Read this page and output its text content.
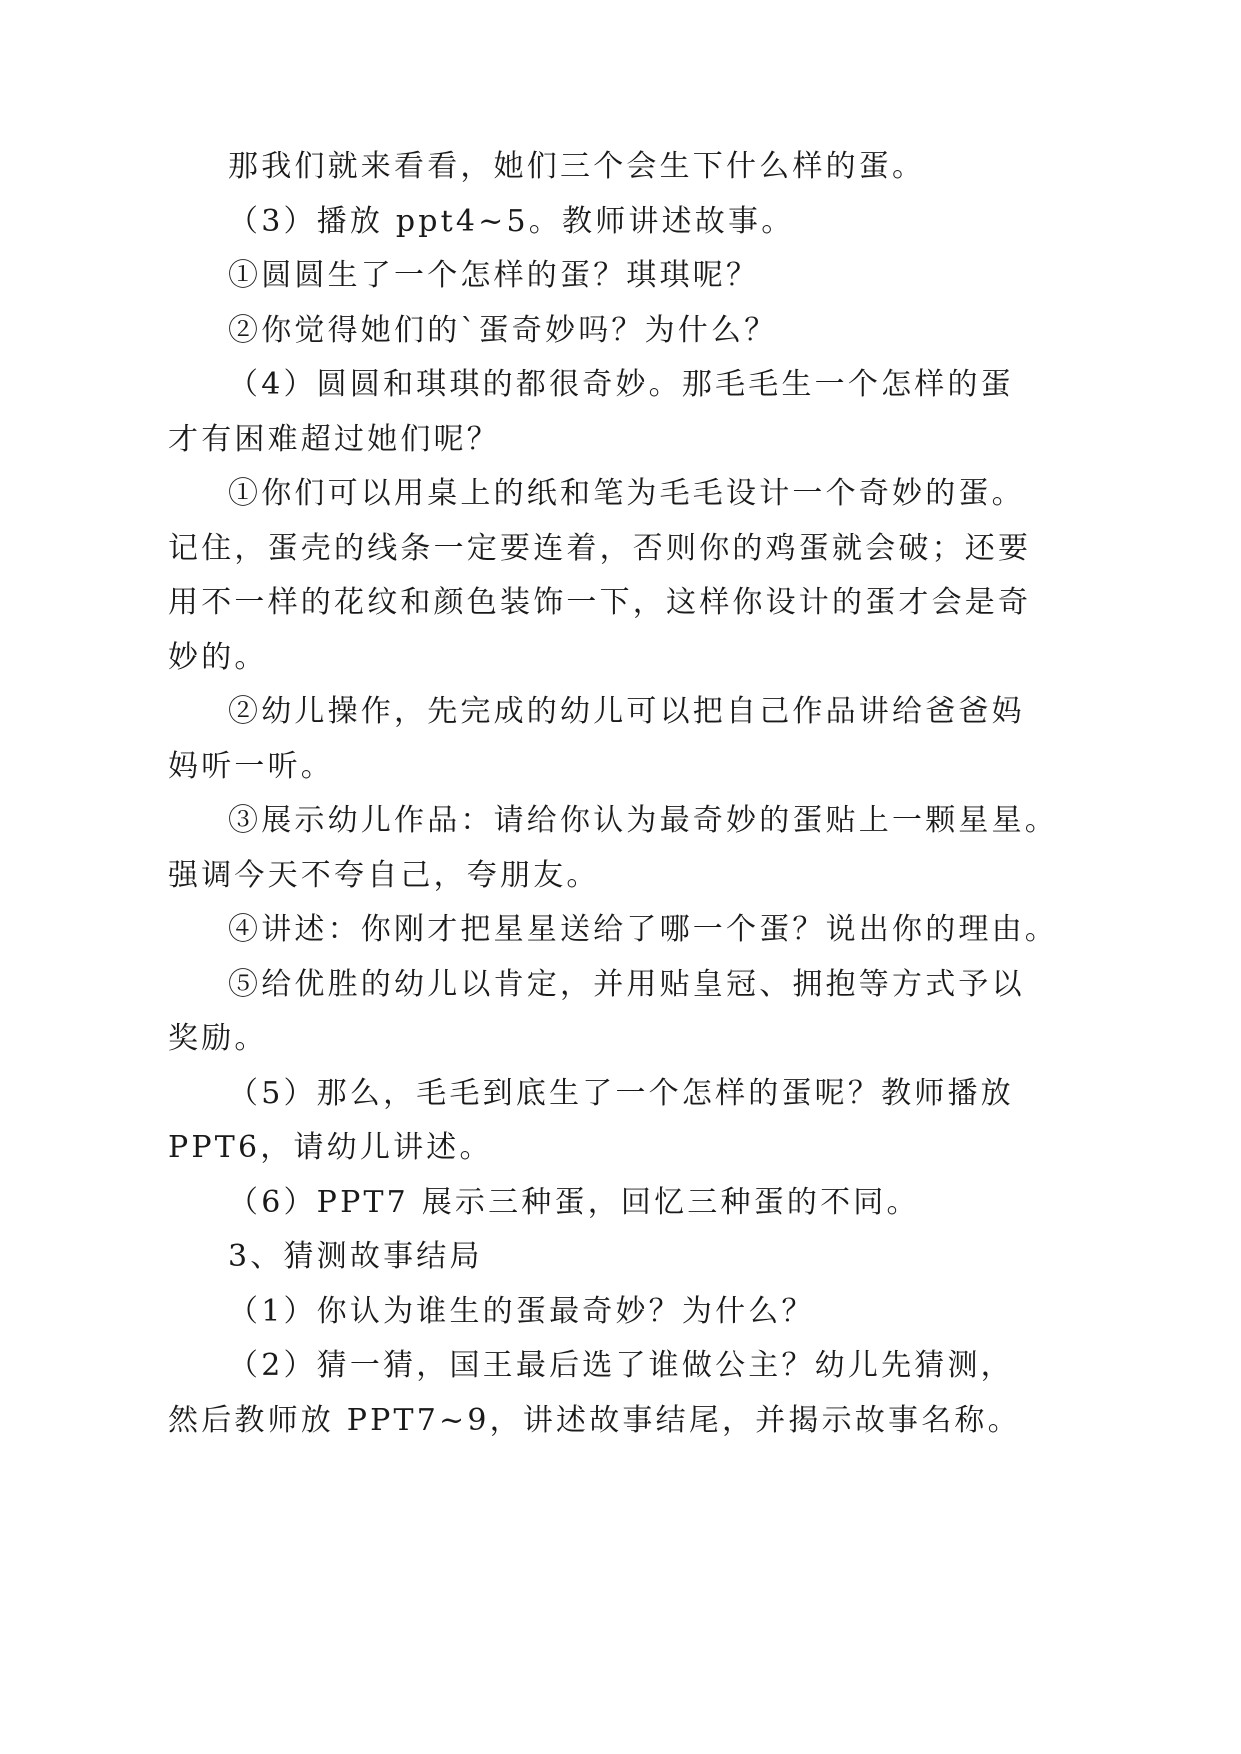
那我们就来看看，她们三个会生下什么样的蛋。

（3）播放 ppt4~5。教师讲述故事。

①圆圆生了一个怎样的蛋？琪琪呢？

②你觉得她们的`蛋奇妙吗？为什么？

（4）圆圆和琪琪的都很奇妙。那毛毛生一个怎样的蛋

才有困难超过她们呢？

①你们可以用桌上的纸和笔为毛毛设计一个奇妙的蛋。

记住，蛋壳的线条一定要连着，否则你的鸡蛋就会破；还要

用不一样的花纹和颜色装饰一下，这样你设计的蛋才会是奇

妙的。

②幼儿操作，先完成的幼儿可以把自己作品讲给爸爸妈

妈听一听。

③展示幼儿作品：请给你认为最奇妙的蛋贴上一颗星星。

强调今天不夸自己，夸朋友。

④讲述：你刚才把星星送给了哪一个蛋？说出你的理由。

⑤给优胜的幼儿以肯定，并用贴皇冠、拥抱等方式予以

奖励。

（5）那么，毛毛到底生了一个怎样的蛋呢？教师播放

PPT6，请幼儿讲述。

（6）PPT7 展示三种蛋，回忆三种蛋的不同。

3、猜测故事结局

（1）你认为谁生的蛋最奇妙？为什么？

（2）猜一猜，国王最后选了谁做公主？幼儿先猜测，

然后教师放 PPT7~9，讲述故事结尾，并揭示故事名称。
